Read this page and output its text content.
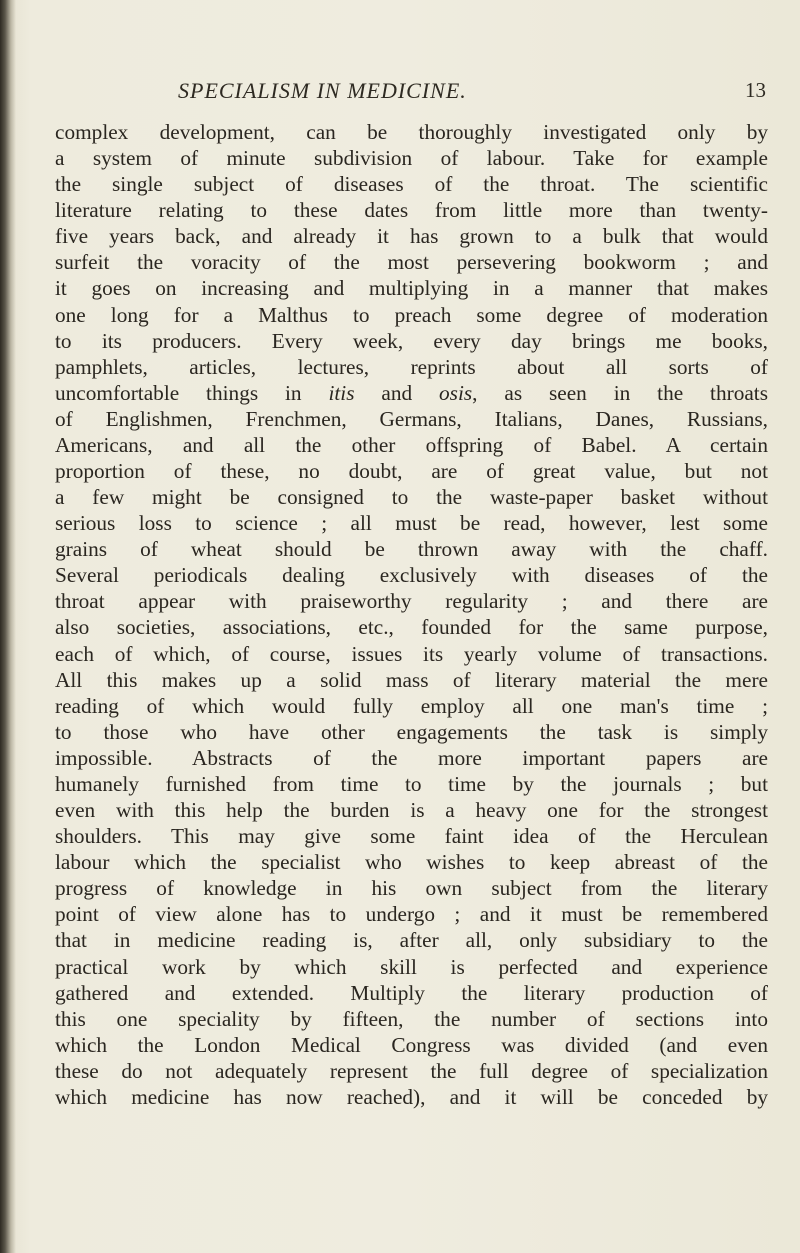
SPECIALISM IN MEDICINE.	13
complex development, can be thoroughly investigated only by
a system of minute subdivision of labour. Take for example
the single subject of diseases of the throat. The scientific
literature relating to these dates from little more than twenty-
five years back, and already it has grown to a bulk that would
surfeit the voracity of the most persevering bookworm ; and
it goes on increasing and multiplying in a manner that makes
one long for a Malthus to preach some degree of moderation
to its producers. Every week, every day brings me books,
pamphlets, articles, lectures, reprints about all sorts of
uncomfortable things in itis and osis, as seen in the throats
of Englishmen, Frenchmen, Germans, Italians, Danes, Russians,
Americans, and all the other offspring of Babel. A certain
proportion of these, no doubt, are of great value, but not
a few might be consigned to the waste-paper basket without
serious loss to science ; all must be read, however, lest some
grains of wheat should be thrown away with the chaff.
Several periodicals dealing exclusively with diseases of the
throat appear with praiseworthy regularity ; and there are
also societies, associations, etc., founded for the same purpose,
each of which, of course, issues its yearly volume of transactions.
All this makes up a solid mass of literary material the mere
reading of which would fully employ all one man's time ;
to those who have other engagements the task is simply
impossible. Abstracts of the more important papers are
humanely furnished from time to time by the journals ; but
even with this help the burden is a heavy one for the strongest
shoulders. This may give some faint idea of the Herculean
labour which the specialist who wishes to keep abreast of the
progress of knowledge in his own subject from the literary
point of view alone has to undergo ; and it must be remembered
that in medicine reading is, after all, only subsidiary to the
practical work by which skill is perfected and experience
gathered and extended. Multiply the literary production of
this one speciality by fifteen, the number of sections into
which the London Medical Congress was divided (and even
these do not adequately represent the full degree of specialization
which medicine has now reached), and it will be conceded by
